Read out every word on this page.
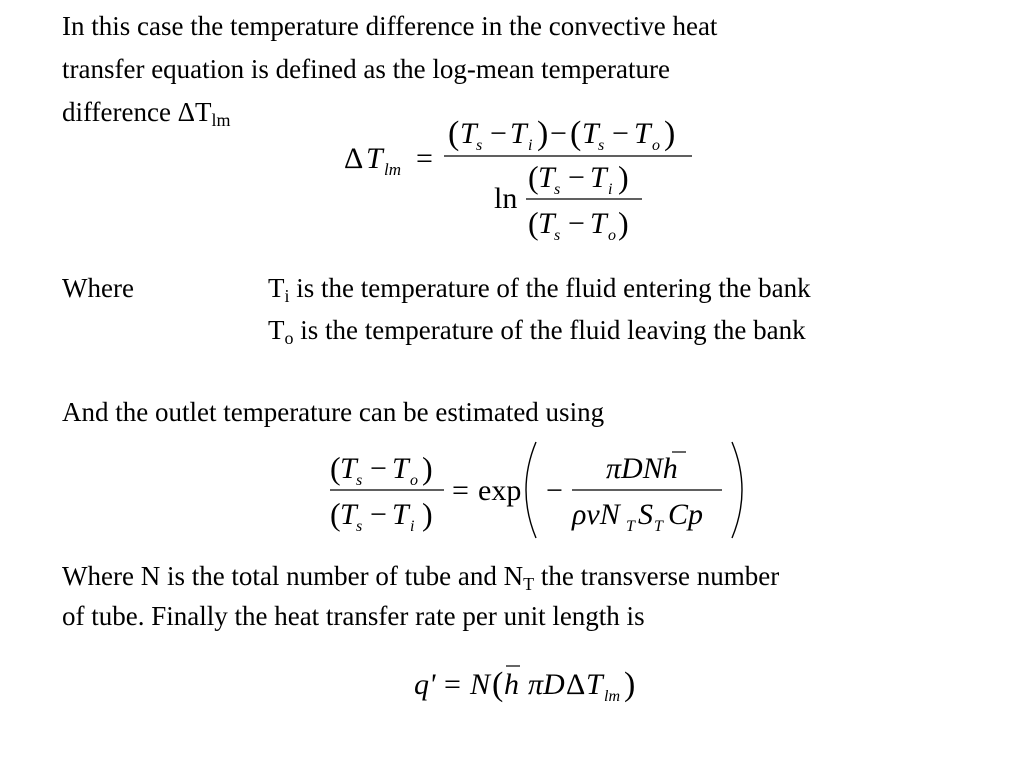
In this case the temperature difference in the convective heat
transfer equation is defined as the log-mean temperature
difference $\Delta T_{lm}$
Δ T lm =
( T s − T i ) − ( T s − T o )
ln
( T s − T i )
( T s − T o )
Where	$T_i$ is the temperature of the fluid entering the bank
$T_o$ is the temperature of the fluid leaving the bank
And the outlet temperature can be estimated using
( T s − T o )
( T s − T i )
= exp −
πDNh
ρvN T S T Cp
Where N is the total number of tube and $N_T$ the transverse number
of tube. Finally the heat transfer rate per unit length is
q' = N ( h πD Δ T lm )
